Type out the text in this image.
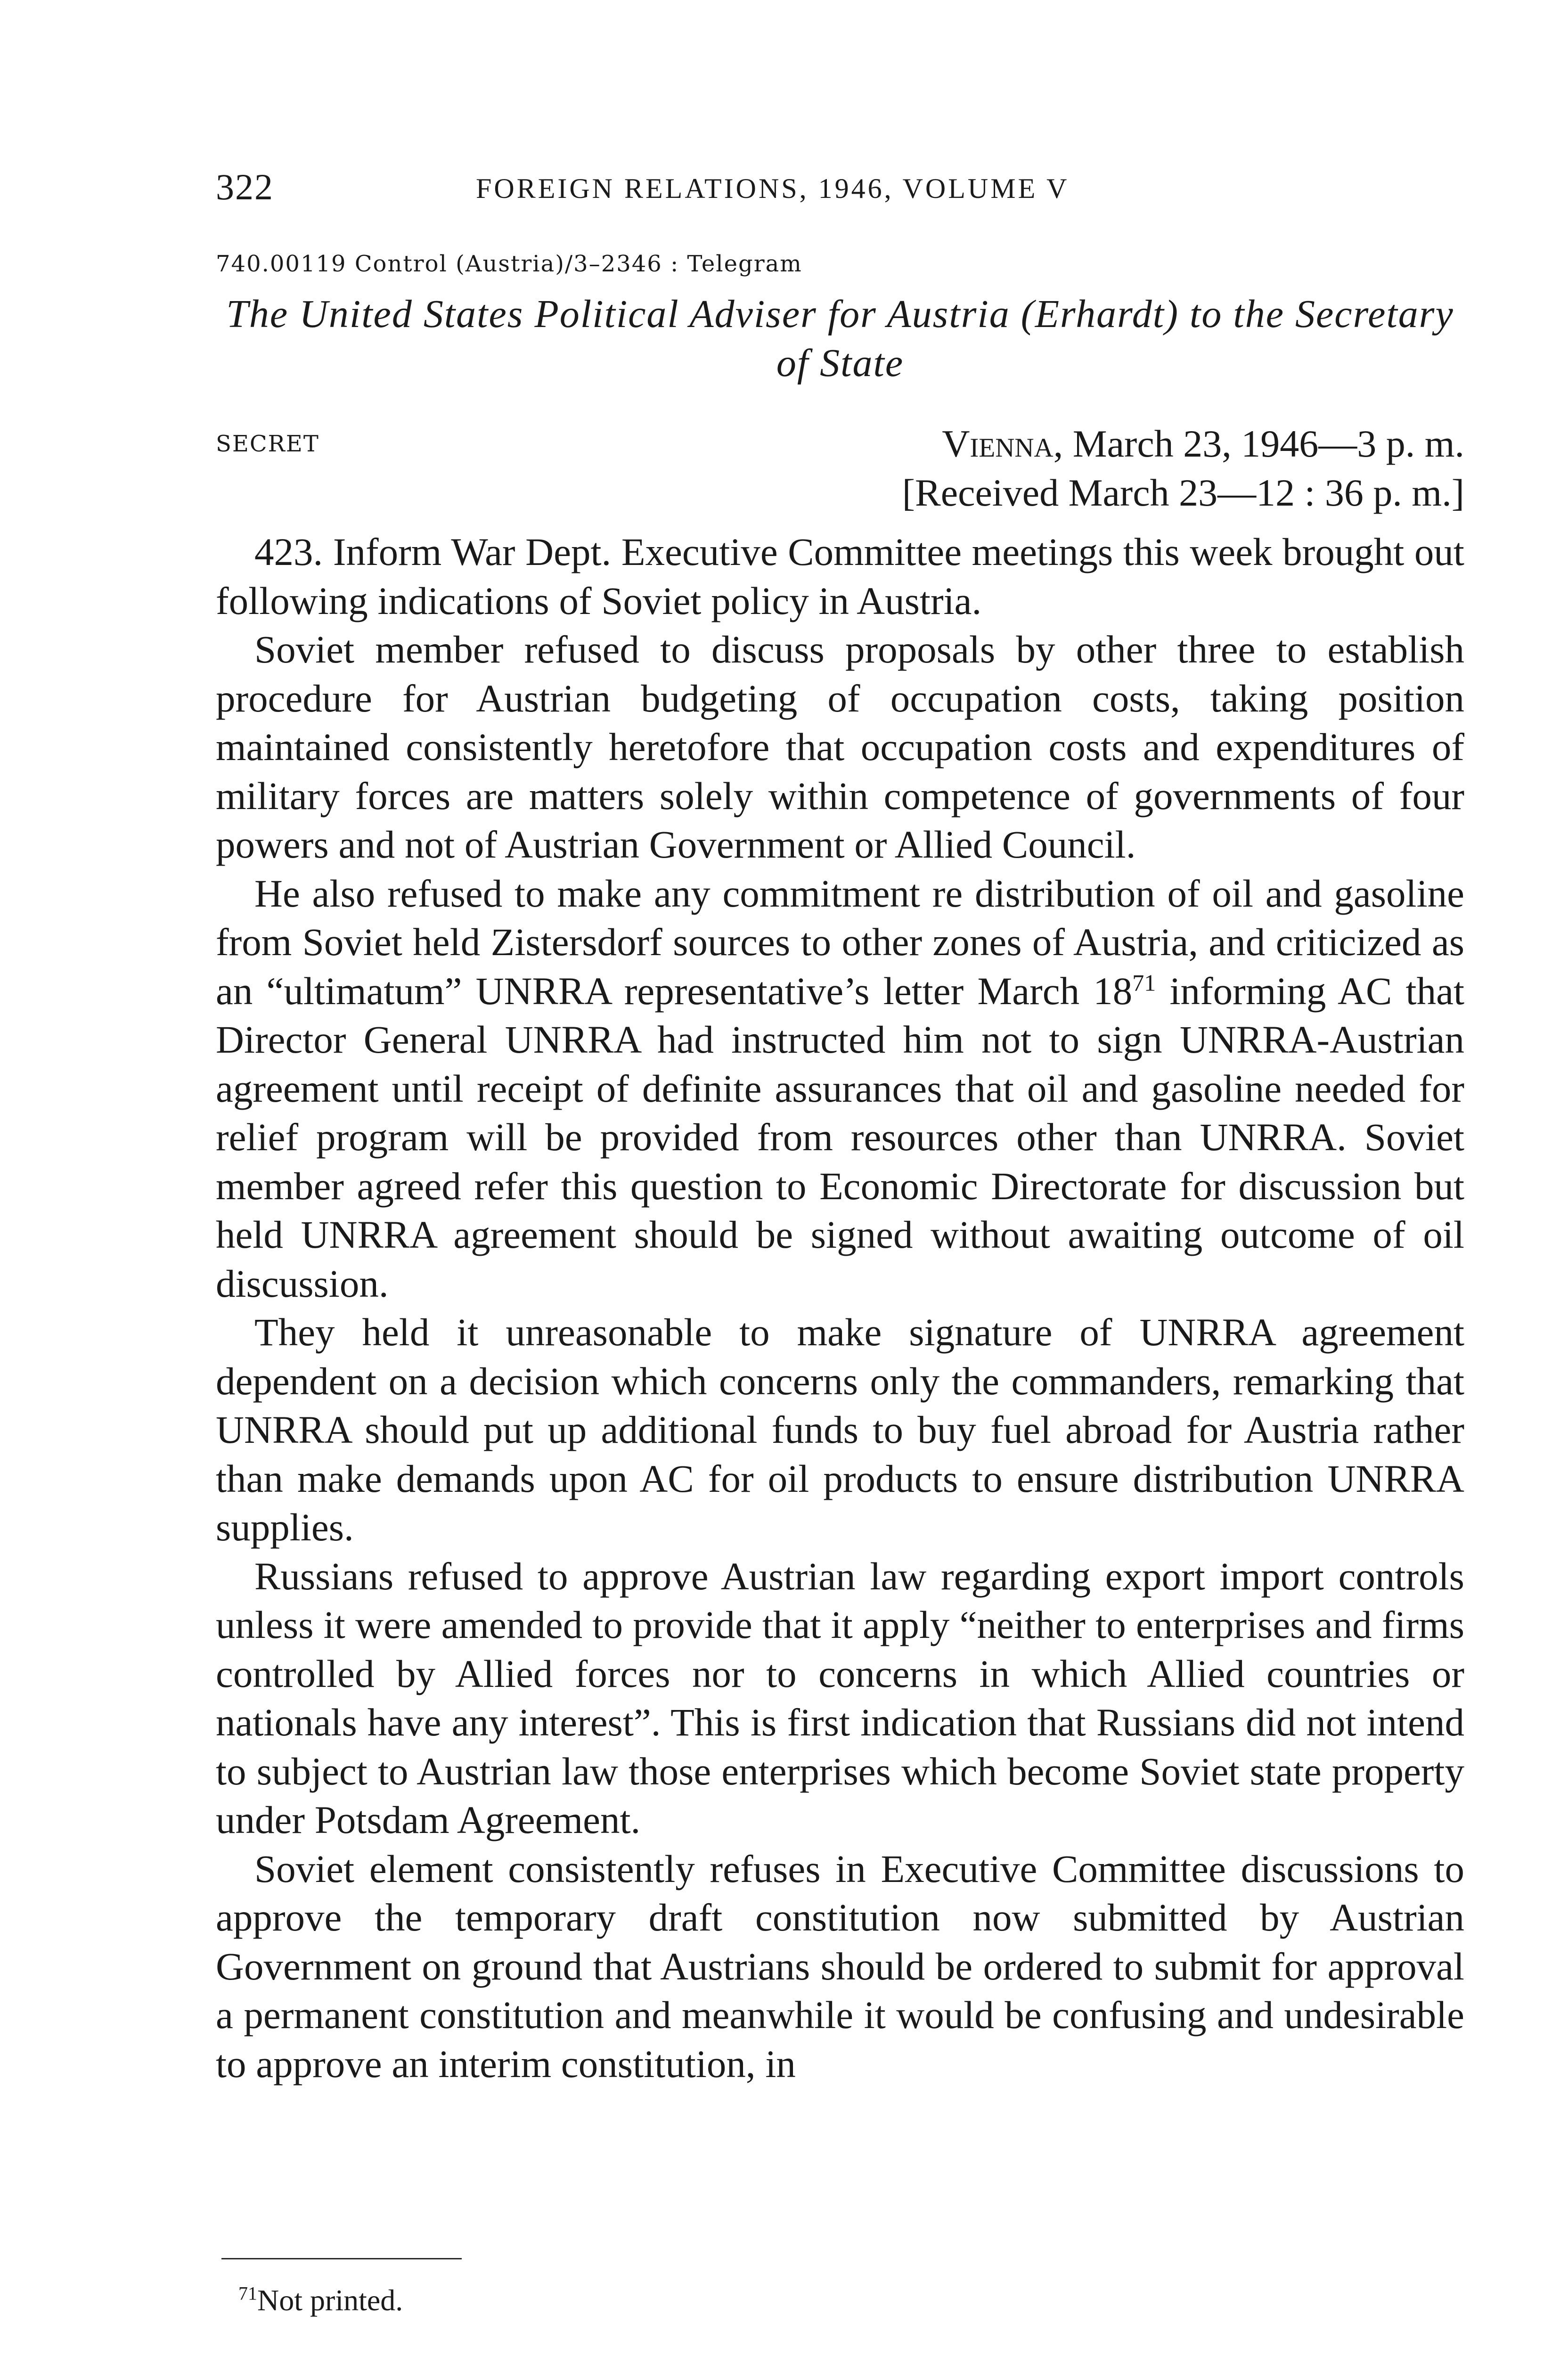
322	FOREIGN RELATIONS, 1946, VOLUME V
740.00119 Control (Austria)/3–2346 : Telegram
The United States Political Adviser for Austria (Erhardt) to the Secretary of State
SECRET	Vienna, March 23, 1946—3 p. m.
[Received March 23—12 : 36 p. m.]

423. Inform War Dept. Executive Committee meetings this week brought out following indications of Soviet policy in Austria.

Soviet member refused to discuss proposals by other three to establish procedure for Austrian budgeting of occupation costs, taking position maintained consistently heretofore that occupation costs and expenditures of military forces are matters solely within competence of governments of four powers and not of Austrian Government or Allied Council.

He also refused to make any commitment re distribution of oil and gasoline from Soviet held Zistersdorf sources to other zones of Austria, and criticized as an “ultimatum” UNRRA representative’s letter March 18$^{71}$ informing AC that Director General UNRRA had instructed him not to sign UNRRA-Austrian agreement until receipt of definite assurances that oil and gasoline needed for relief program will be provided from resources other than UNRRA. Soviet member agreed refer this question to Economic Directorate for discussion but held UNRRA agreement should be signed without awaiting outcome of oil discussion.

They held it unreasonable to make signature of UNRRA agreement dependent on a decision which concerns only the commanders, remarking that UNRRA should put up additional funds to buy fuel abroad for Austria rather than make demands upon AC for oil products to ensure distribution UNRRA supplies.

Russians refused to approve Austrian law regarding export import controls unless it were amended to provide that it apply “neither to enterprises and firms controlled by Allied forces nor to concerns in which Allied countries or nationals have any interest”. This is first indication that Russians did not intend to subject to Austrian law those enterprises which become Soviet state property under Potsdam Agreement.

Soviet element consistently refuses in Executive Committee discussions to approve the temporary draft constitution now submitted by Austrian Government on ground that Austrians should be ordered to submit for approval a permanent constitution and meanwhile it would be confusing and undesirable to approve an interim constitution, in

$^{71}$Not printed.
